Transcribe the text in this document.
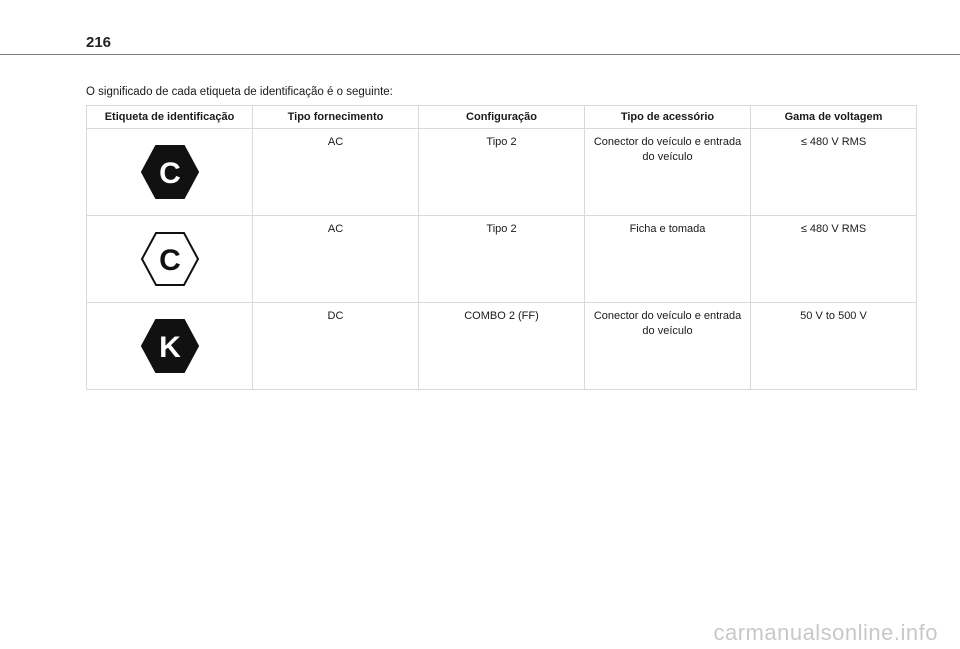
216
O significado de cada etiqueta de identificação é o seguinte:
Etiqueta de identificação	Tipo fornecimento	Configuração	Tipo de acessório	Gama de voltagem

C	AC	Tipo 2	Conector do veículo e entrada do veículo	≤ 480 V RMS

C	AC	Tipo 2	Ficha e tomada	≤ 480 V RMS

K	DC	COMBO 2 (FF)	Conector do veículo e entrada do veículo	50 V to 500 V
carmanualsonline.info
